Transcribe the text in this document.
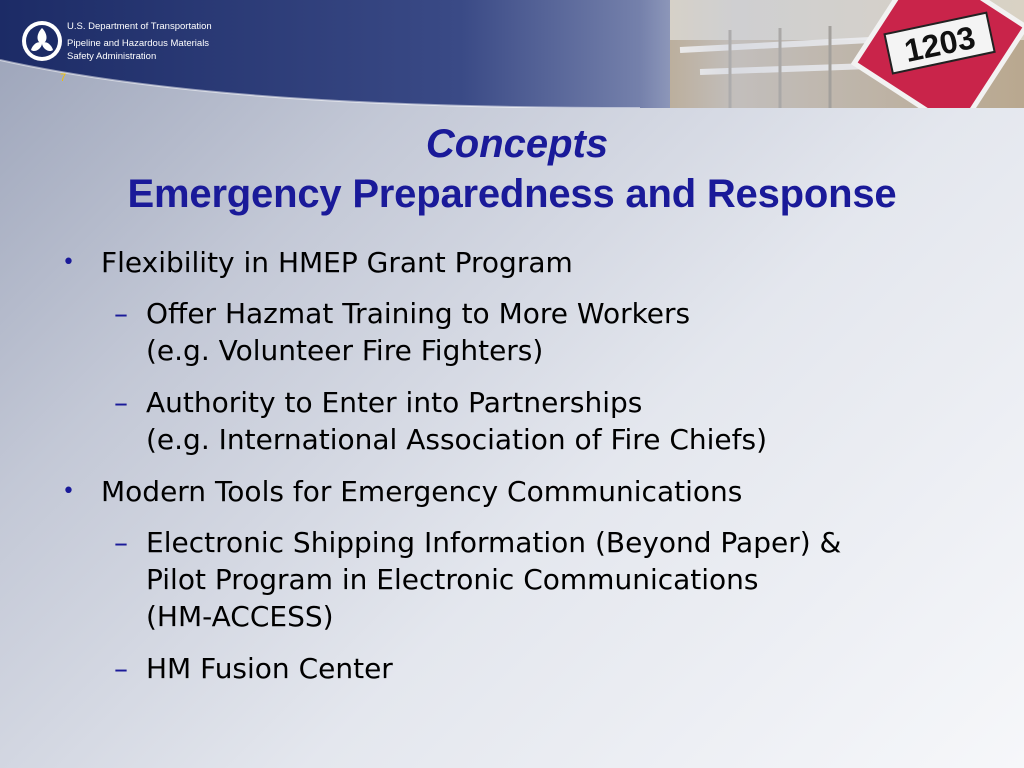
U.S. Department of Transportation
Pipeline and Hazardous Materials
Safety Administration
7
1203
Concepts
Emergency Preparedness and Response
• Flexibility in HMEP Grant Program
– Offer Hazmat Training to More Workers
(e.g. Volunteer Fire Fighters)
– Authority to Enter into Partnerships
(e.g. International Association of Fire Chiefs)
• Modern Tools for Emergency Communications
– Electronic Shipping Information (Beyond Paper) &
Pilot Program in Electronic Communications
(HM-ACCESS)
– HM Fusion Center
